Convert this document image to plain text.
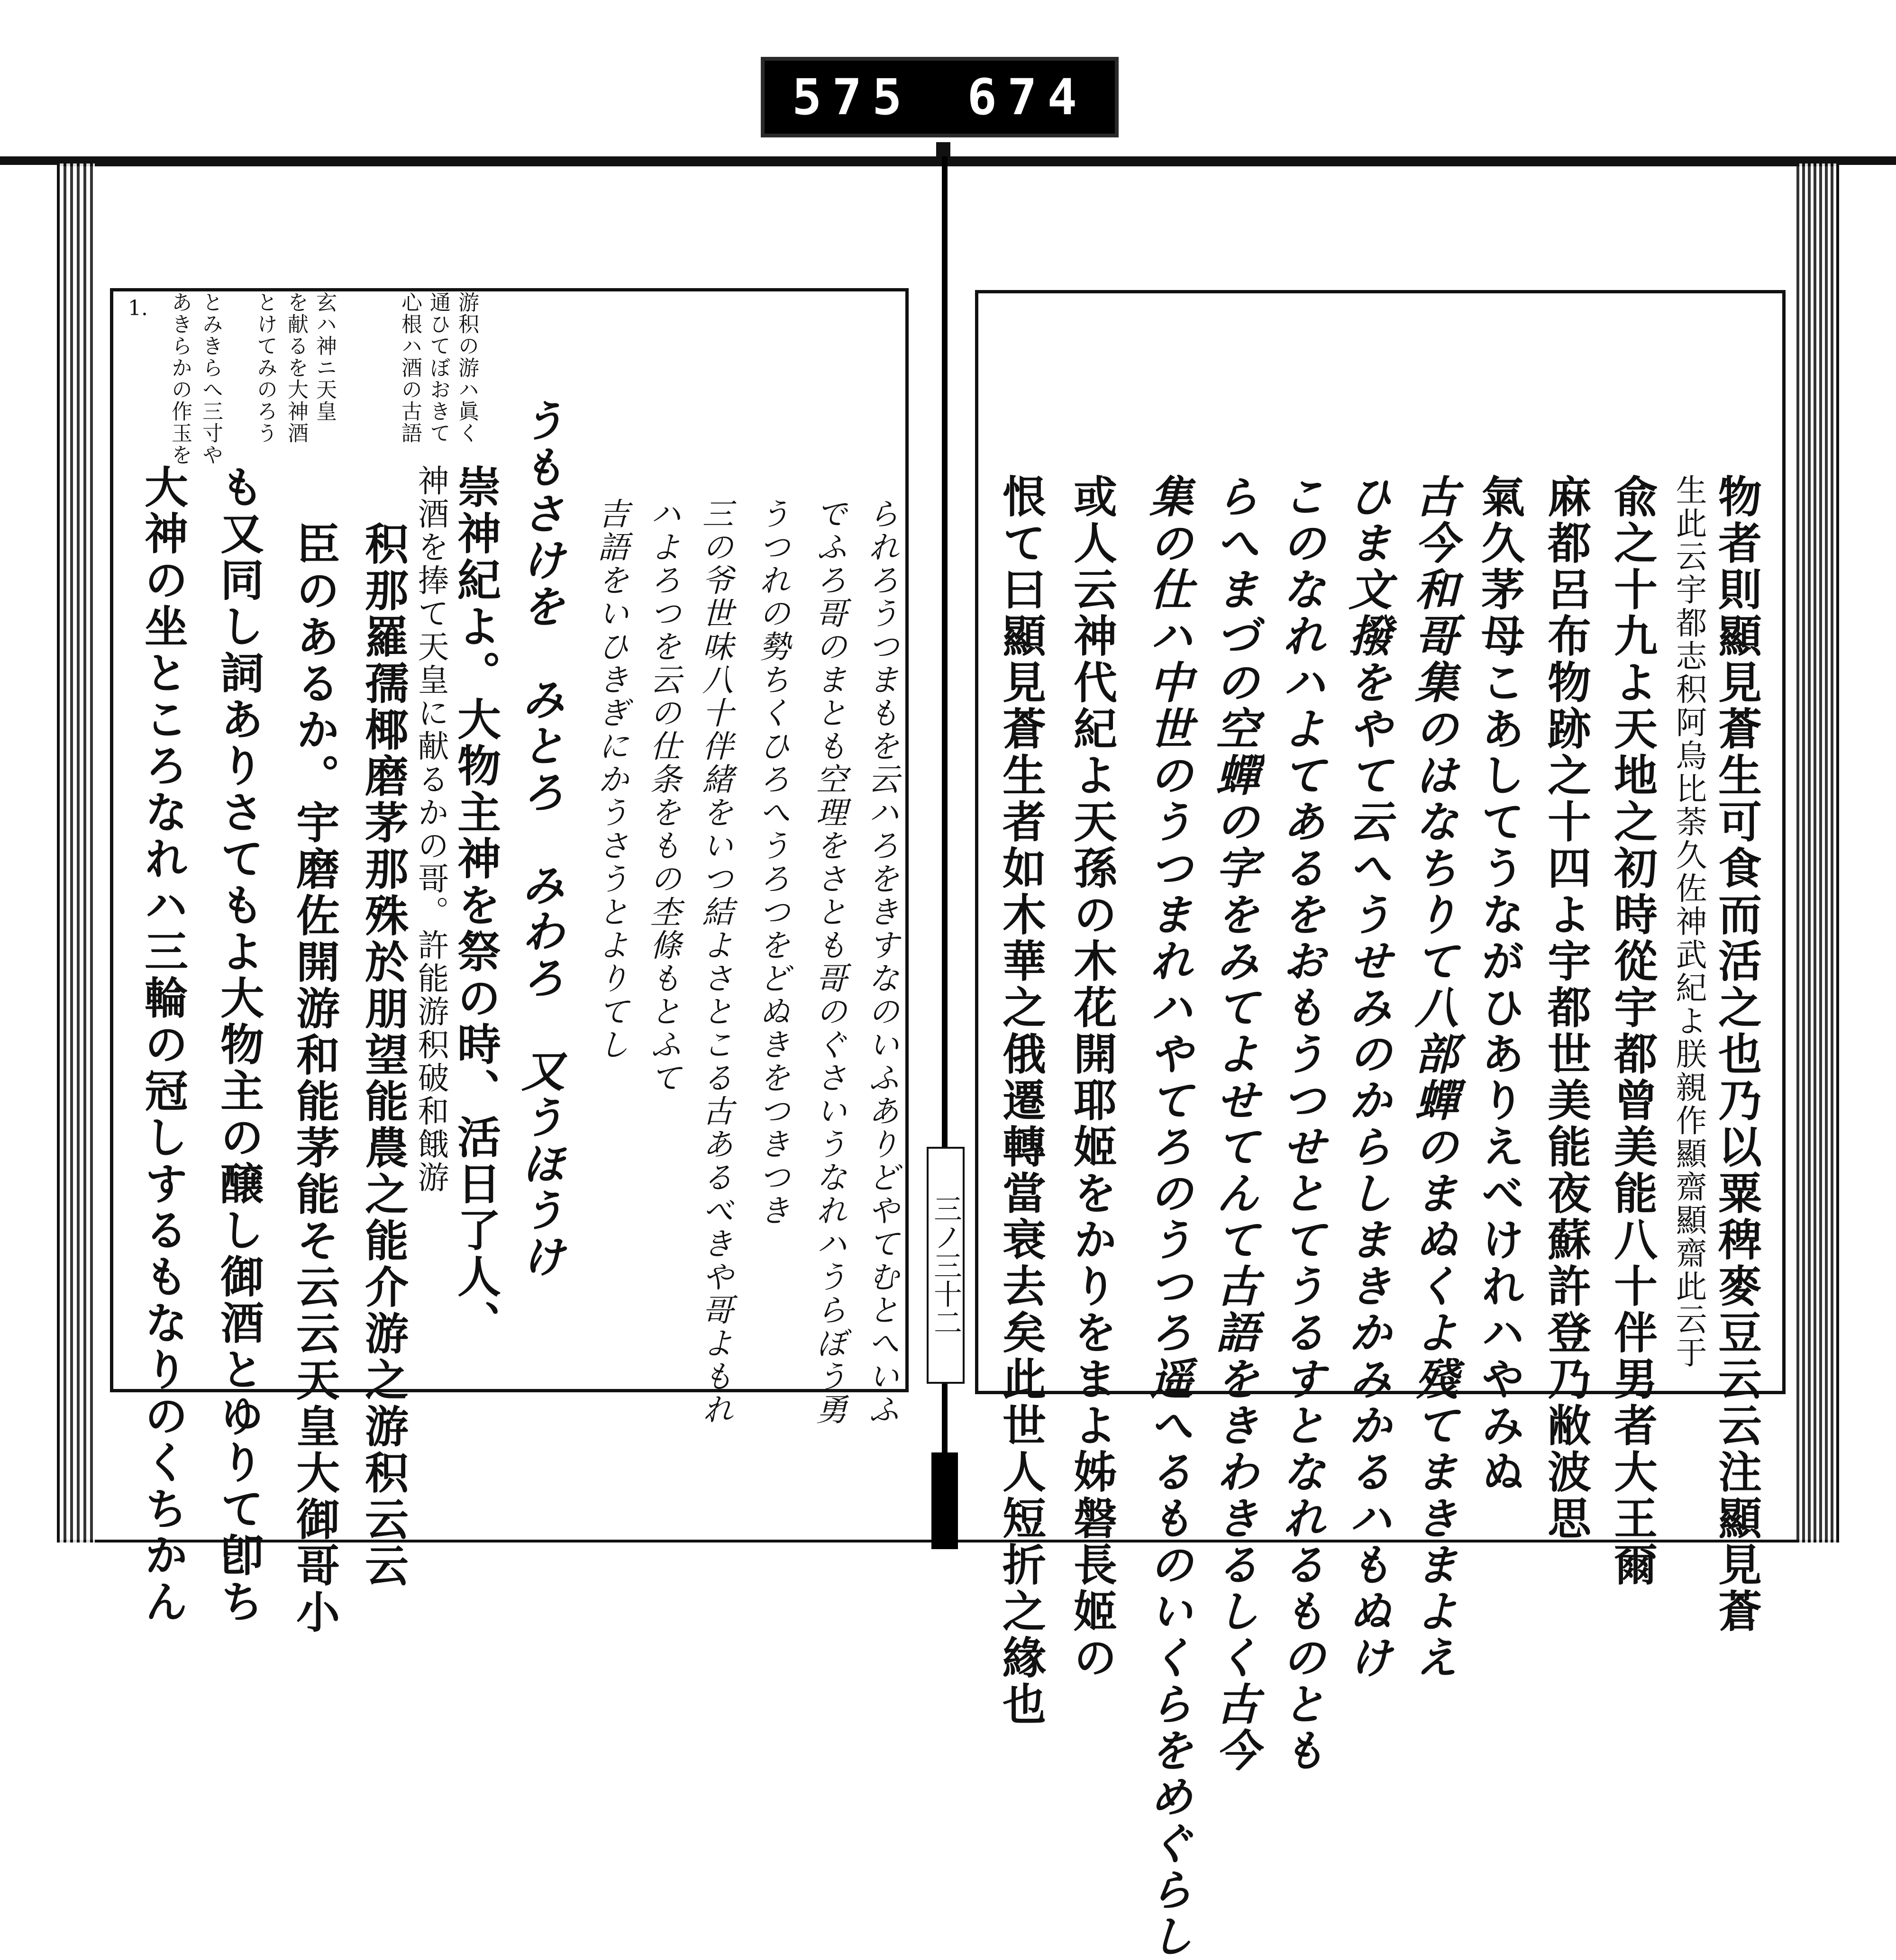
575 674
1.	游积の游ハ眞く
通ひてぼおきて
心根ハ酒の古語
玄ハ神ニ天皇
を献るを大神酒
とけてみのろう
とみきらへ三寸や
あきらかの作玉を
られろうつまもを云ハろをきすなのいふありどやてむとへいふ
でふろ哥のまとも空理をさとも哥のぐさいうなれハうらぼう勇
うつれの勢ちくひろへうろつをどぬきをつきつき
三の爷世味八十伴緒をいつ結よさとこる古あるべきや哥よもれ
ハよろつを云の仕条をもの杢條もとふて
吉語をいひきぎにかうさうとよりてし
うもさけを　みとろ　みわろ　又うほうけ
崇神紀よ。大物主神を祭の時、活日了人、
神酒を捧て天皇に献るかの哥。許能游积破和餓游
积那羅孺椰磨茅那殊於朋望能農之能介游之游积云云
臣のあるか。宇磨佐開游和能茅能そ云云天皇大御哥小
も又同し詞ありさてもよ大物主の醸し御酒とゆりて卽ち
大神の坐ところなれハ三輪の冠しするもなりのくちかん	三ノ三十二	物者則顯見蒼生可食而活之也乃以粟稗麥豆云云注顯見蒼
生此云宇都志积阿烏比荼久佐神武紀よ朕親作顯齋顯齋此云于
兪之十九よ天地之初時從宇都曾美能八十伴男者大王爾
麻都呂布物跡之十四よ宇都世美能夜蘇許登乃敝波思
氣久茅母こあしてうながひありえべけれハやみぬ
古今和哥集のはなちりて八部蟬のまぬくよ殘てまきまよえ
ひま文撥をやて云へうせみのからしまきかみかるハもぬけ
このなれハよてあるをおもうつせとてうるすとなれるものとも
らへまづの空蟬の字をみてよせてんて古語をきわきるしく古今
集の仕ハ中世のうつまれハやてろのうつろ遥へるものいくらをめぐらし
或人云神代紀よ天孫の木花開耶姬をかりをまよ姊磐長姬の
恨て曰顯見蒼生者如木華之俄遷轉當衰去矣此世人短折之緣也
